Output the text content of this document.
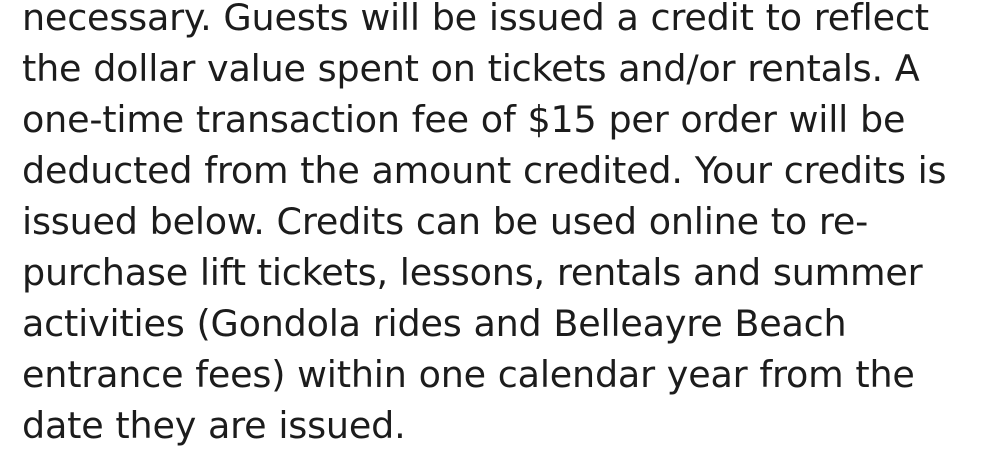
necessary. Guests will be issued a credit to reflect the dollar value spent on tickets and/or rentals. A one-time transaction fee of $15 per order will be deducted from the amount credited. Your credits is issued below. Credits can be used online to re-purchase lift tickets, lessons, rentals and summer activities (Gondola rides and Belleayre Beach entrance fees) within one calendar year from the date they are issued.
